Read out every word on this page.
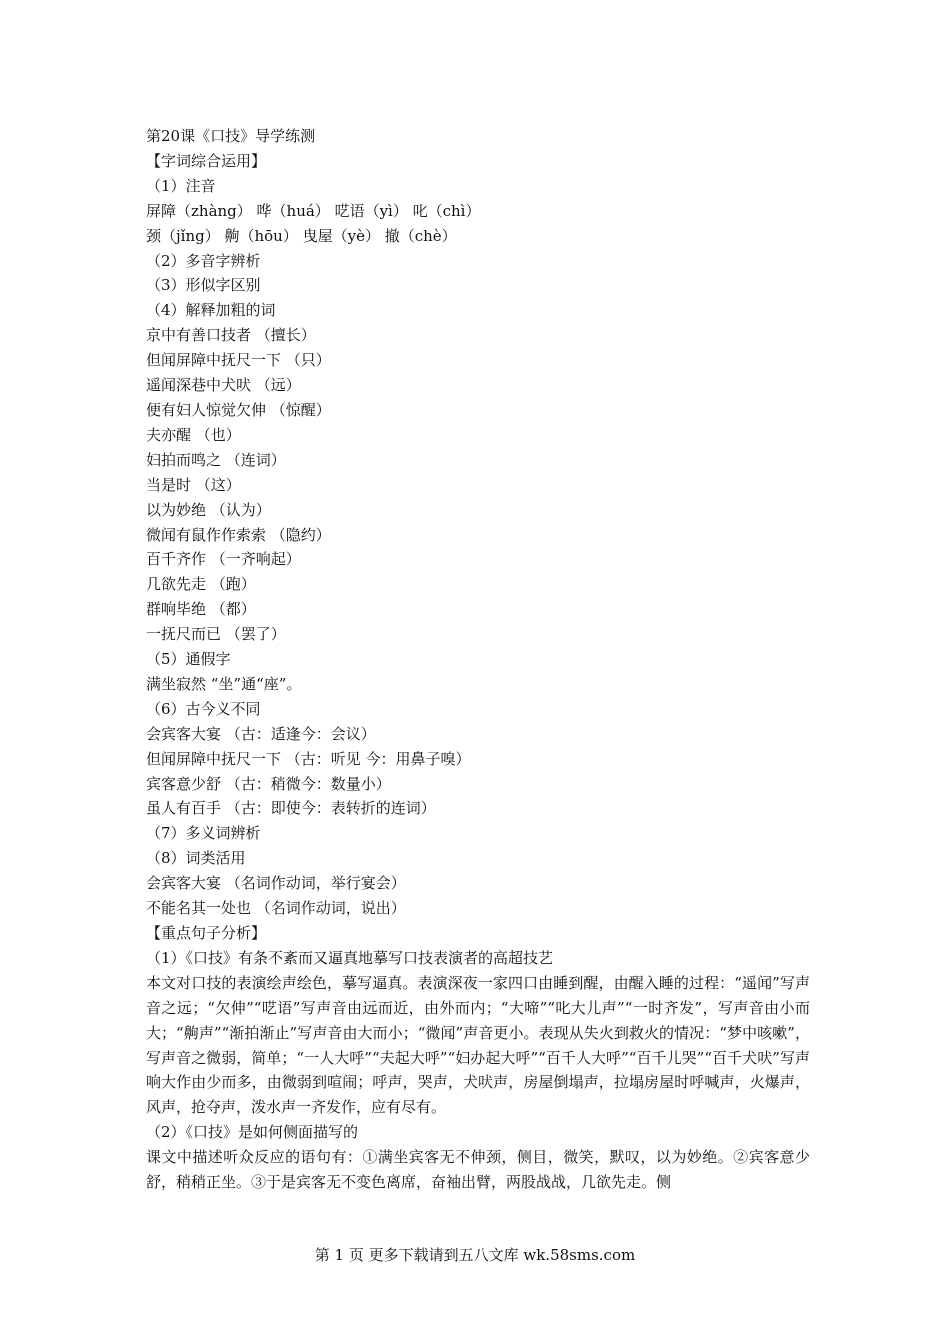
第20课《口技》导学练测
【字词综合运用】
（1）注音
屏障（zhàng） 哗（huá） 呓语（yì） 叱（chì）
颈（jǐng） 齁（hōu） 曳屋（yè） 撤（chè）
（2）多音字辨析
（3）形似字区别
（4）解释加粗的词
京中有善口技者 （擅长）
但闻屏障中抚尺一下 （只）
遥闻深巷中犬吠 （远）
便有妇人惊觉欠伸 （惊醒）
夫亦醒 （也）
妇拍而鸣之 （连词）
当是时 （这）
以为妙绝 （认为）
微闻有鼠作作索索 （隐约）
百千齐作 （一齐响起）
几欲先走 （跑）
群响毕绝 （都）
一抚尺而已 （罢了）
（5）通假字
满坐寂然 “坐”通“座”。
（6）古今义不同
会宾客大宴 （古：适逢今：会议）
但闻屏障中抚尺一下 （古：听见 今：用鼻子嗅）
宾客意少舒 （古：稍微今：数量小）
虽人有百手 （古：即使今：表转折的连词）
（7）多义词辨析
（8）词类活用
会宾客大宴 （名词作动词，举行宴会）
不能名其一处也 （名词作动词，说出）
【重点句子分析】
（1）《口技》有条不紊而又逼真地摹写口技表演者的高超技艺
本文对口技的表演绘声绘色，摹写逼真。表演深夜一家四口由睡到醒，由醒入睡的过程：“遥闻”写声音之远；“欠伸”“呓语”写声音由远而近，由外而内；“大啼”“叱大儿声”“一时齐发”，写声音由小而大；“齁声”“渐拍渐止”写声音由大而小；“微闻”声音更小。表现从失火到救火的情况：“梦中咳嗽”，写声音之微弱，简单；“一人大呼”“夫起大呼”“妇办起大呼”“百千人大呼”“百千儿哭”“百千犬吠”写声响大作由少而多，由微弱到喧闹；呼声，哭声，犬吠声，房屋倒塌声，拉塌房屋时呼喊声，火爆声，风声，抢夺声，泼水声一齐发作，应有尽有。
（2）《口技》是如何侧面描写的
课文中描述听众反应的语句有：①满坐宾客无不伸颈，侧目，微笑，默叹，以为妙绝。②宾客意少舒，稍稍正坐。③于是宾客无不变色离席，奋袖出臂，两股战战，几欲先走。侧
第 1 页 更多下载请到五八文库 wk.58sms.com
